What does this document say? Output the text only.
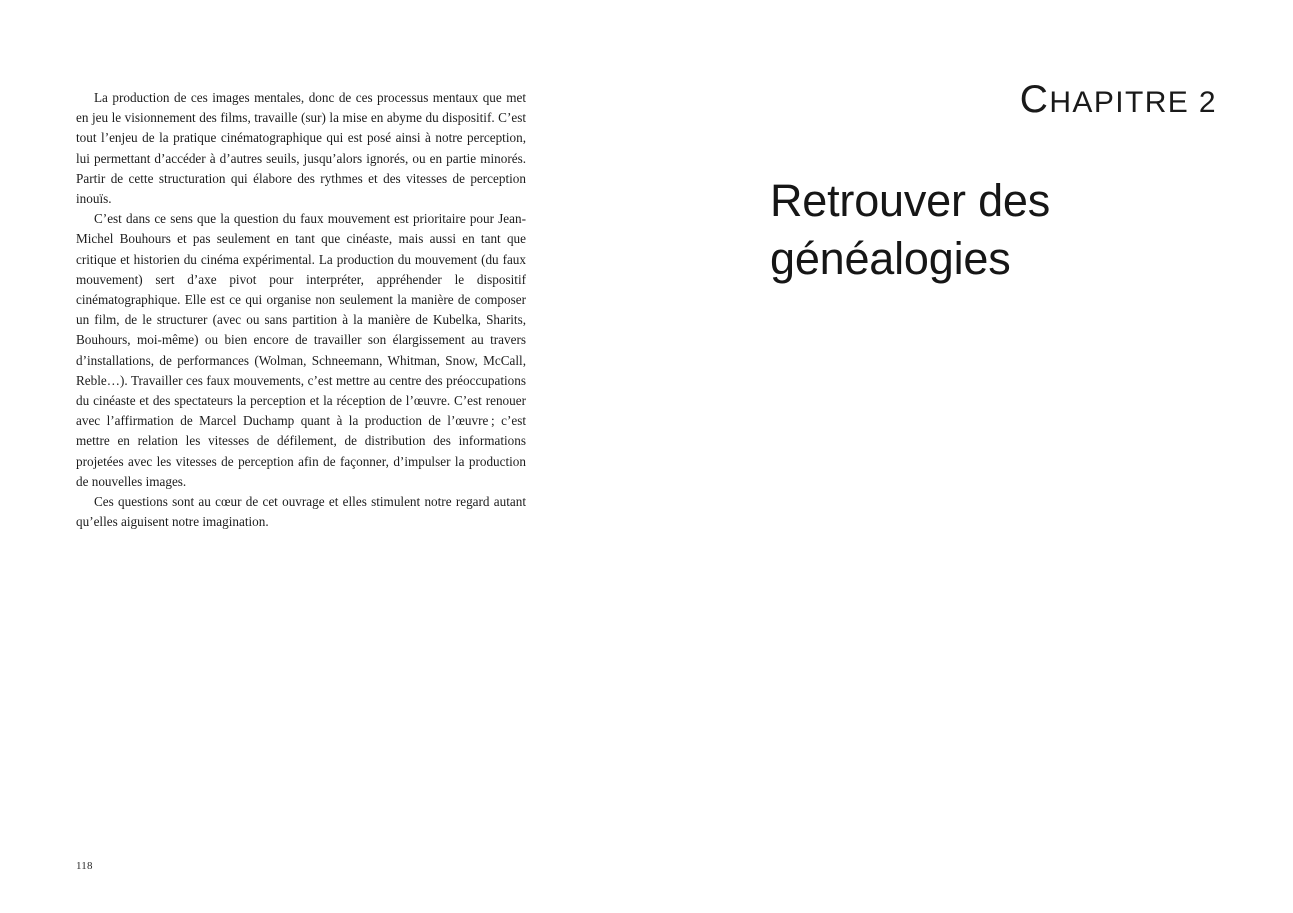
La production de ces images mentales, donc de ces processus mentaux que met en jeu le visionnement des films, travaille (sur) la mise en abyme du dispositif. C’est tout l’enjeu de la pratique cinématographique qui est posé ainsi à notre perception, lui permettant d’accéder à d’autres seuils, jusqu’alors ignorés, ou en partie minorés. Partir de cette structuration qui élabore des rythmes et des vitesses de perception inouïs.

C’est dans ce sens que la question du faux mouvement est prioritaire pour Jean-Michel Bouhours et pas seulement en tant que cinéaste, mais aussi en tant que critique et historien du cinéma expérimental. La production du mouvement (du faux mouvement) sert d’axe pivot pour interpréter, appréhender le dispositif cinématographique. Elle est ce qui organise non seulement la manière de composer un film, de le structurer (avec ou sans partition à la manière de Kubelka, Sharits, Bouhours, moi-même) ou bien encore de travailler son élargissement au travers d’installations, de performances (Wolman, Schneemann, Whitman, Snow, McCall, Reble…). Travailler ces faux mouvements, c’est mettre au centre des préoccupations du cinéaste et des spectateurs la perception et la réception de l’œuvre. C’est renouer avec l’affirmation de Marcel Duchamp quant à la production de l’œuvre ; c’est mettre en relation les vitesses de défilement, de distribution des informations projetées avec les vitesses de perception afin de façonner, d’impulser la production de nouvelles images.

Ces questions sont au cœur de cet ouvrage et elles stimulent notre regard autant qu’elles aiguisent notre imagination.

118
CHAPITRE 2
Retrouver des
généalogies
